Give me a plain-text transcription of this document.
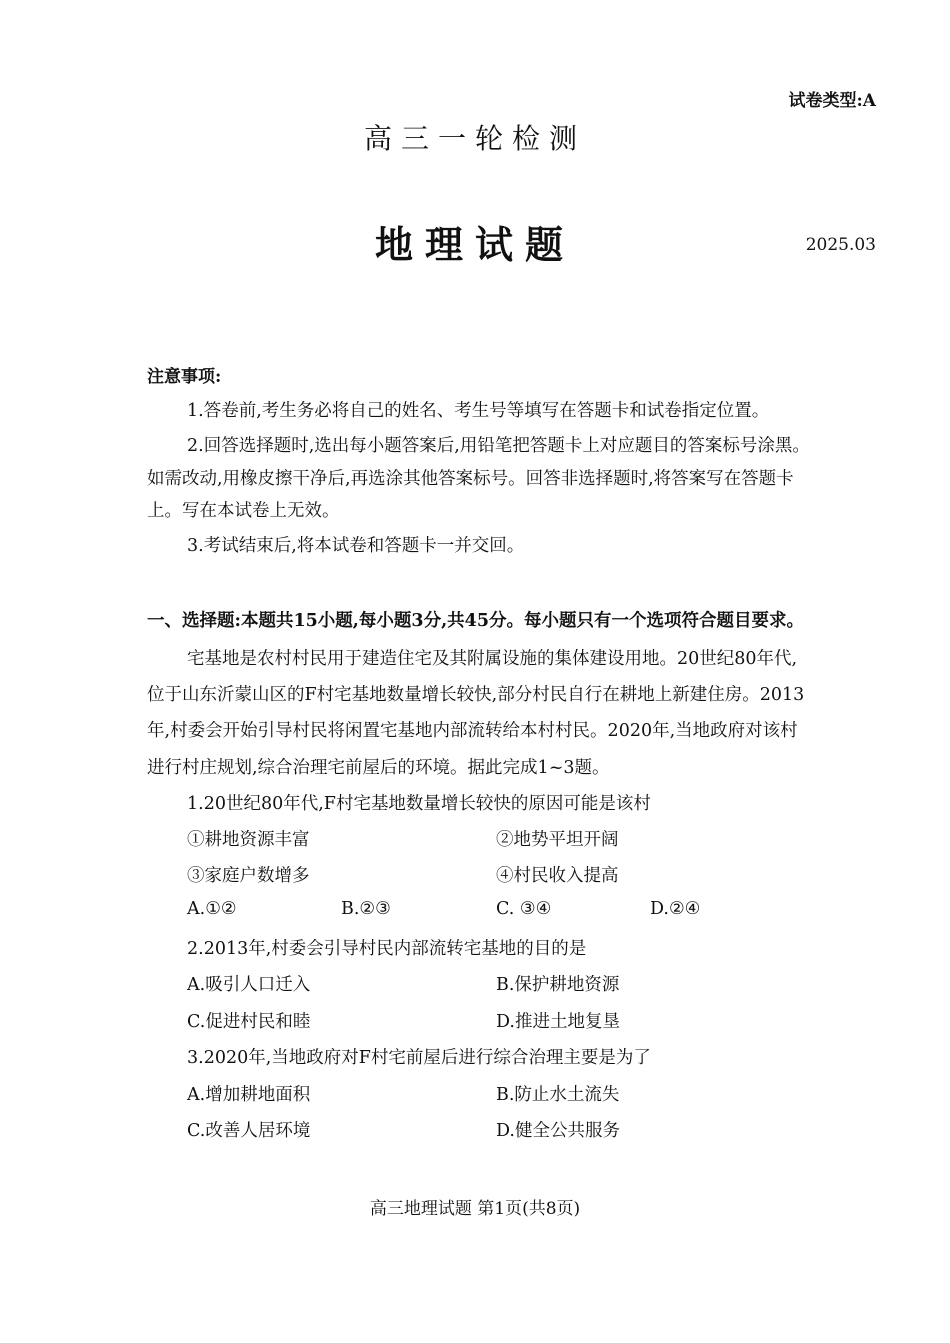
试卷类型:A
高三一轮检测
地理试题	2025.03
注意事项:
1.答卷前,考生务必将自己的姓名、考生号等填写在答题卡和试卷指定位置。
2.回答选择题时,选出每小题答案后,用铅笔把答题卡上对应题目的答案标号涂黑。
如需改动,用橡皮擦干净后,再选涂其他答案标号。回答非选择题时,将答案写在答题卡
上。写在本试卷上无效。
3.考试结束后,将本试卷和答题卡一并交回。
一、选择题:本题共15小题,每小题3分,共45分。每小题只有一个选项符合题目要求。
宅基地是农村村民用于建造住宅及其附属设施的集体建设用地。20世纪80年代,
位于山东沂蒙山区的F村宅基地数量增长较快,部分村民自行在耕地上新建住房。2013
年,村委会开始引导村民将闲置宅基地内部流转给本村村民。2020年,当地政府对该村
进行村庄规划,综合治理宅前屋后的环境。据此完成1~3题。
1.20世纪80年代,F村宅基地数量增长较快的原因可能是该村
①耕地资源丰富	②地势平坦开阔
③家庭户数增多	④村民收入提高
A.①②	B.②③	C. ③④	D.②④
2.2013年,村委会引导村民内部流转宅基地的目的是
A.吸引人口迁入	B.保护耕地资源
C.促进村民和睦	D.推进土地复垦
3.2020年,当地政府对F村宅前屋后进行综合治理主要是为了
A.增加耕地面积	B.防止水土流失
C.改善人居环境	D.健全公共服务
高三地理试题 第1页(共8页)
